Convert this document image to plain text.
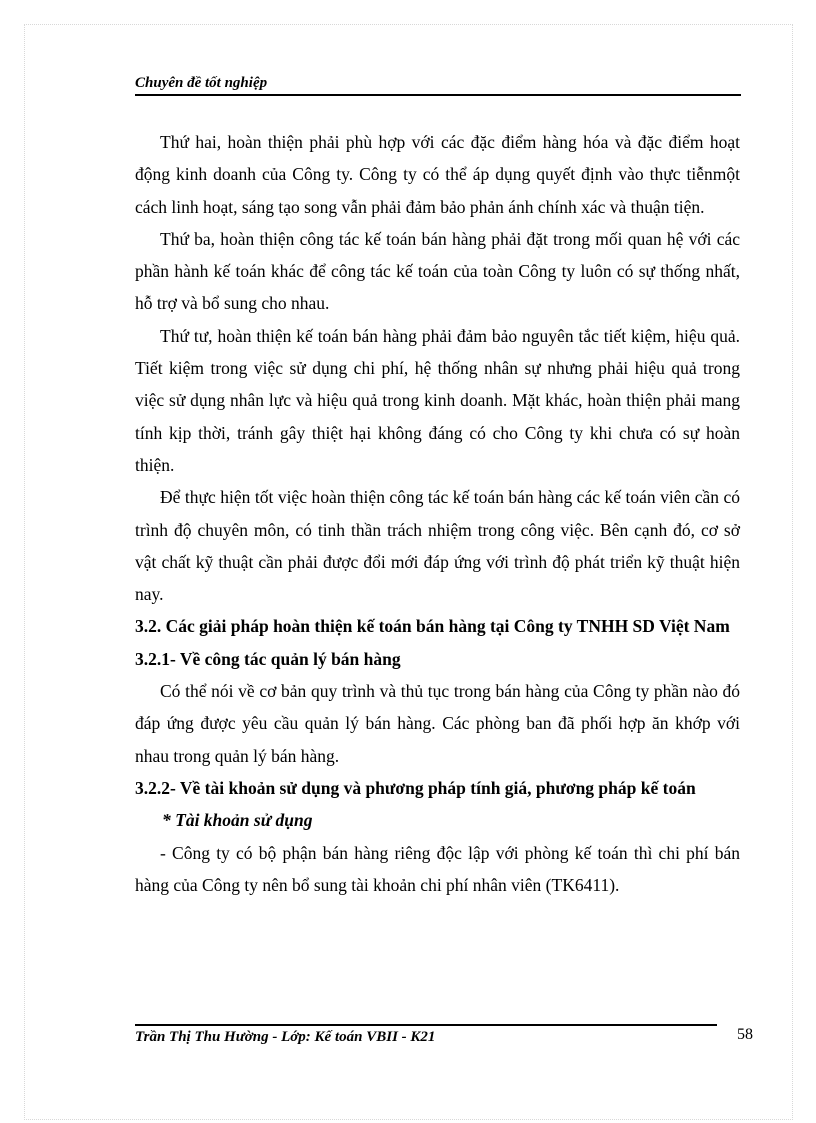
Chuyên đề tốt nghiệp

Thứ hai, hoàn thiện phải phù hợp với các đặc điểm hàng hóa và đặc điểm hoạt động kinh doanh của Công ty. Công ty có thể áp dụng quyết định vào thực tiễnmột cách linh hoạt, sáng tạo song vẫn phải đảm bảo phản ánh chính xác và thuận tiện.

Thứ ba, hoàn thiện công tác kế toán bán hàng phải đặt trong mối quan hệ với các phần hành kế toán khác để công tác kế toán của toàn Công ty luôn có sự thống nhất, hỗ trợ và bổ sung cho nhau.

Thứ tư, hoàn thiện kế toán bán hàng phải đảm bảo nguyên tắc tiết kiệm, hiệu quả. Tiết kiệm trong việc sử dụng chi phí, hệ thống nhân sự nhưng phải hiệu quả trong việc sử dụng nhân lực và hiệu quả trong kinh doanh. Mặt khác, hoàn thiện phải mang tính kịp thời, tránh gây thiệt hại không đáng có cho Công ty khi chưa có sự hoàn thiện.

Để thực hiện tốt việc hoàn thiện công tác kế toán bán hàng các kế toán viên cần có trình độ chuyên môn, có tinh thần trách nhiệm trong công việc. Bên cạnh đó, cơ sở vật chất kỹ thuật cần phải được đổi mới đáp ứng với trình độ phát triển kỹ thuật hiện nay.

3.2. Các giải pháp hoàn thiện kế toán bán hàng tại Công ty TNHH SD Việt Nam

3.2.1- Về công tác quản lý bán hàng

Có thể nói về cơ bản quy trình và thủ tục trong bán hàng của Công ty phần nào đó đáp ứng được yêu cầu quản lý bán hàng. Các phòng ban đã phối hợp ăn khớp với nhau trong quản lý bán hàng.

3.2.2- Về tài khoản sử dụng và phương pháp tính giá, phương pháp kế toán

* Tài khoản sử dụng

- Công ty có bộ phận bán hàng riêng độc lập với phòng kế toán thì chi phí bán hàng của Công ty nên bổ sung tài khoản chi phí nhân viên (TK6411).

Trần Thị Thu Hường - Lớp: Kế toán VBII - K21	58
